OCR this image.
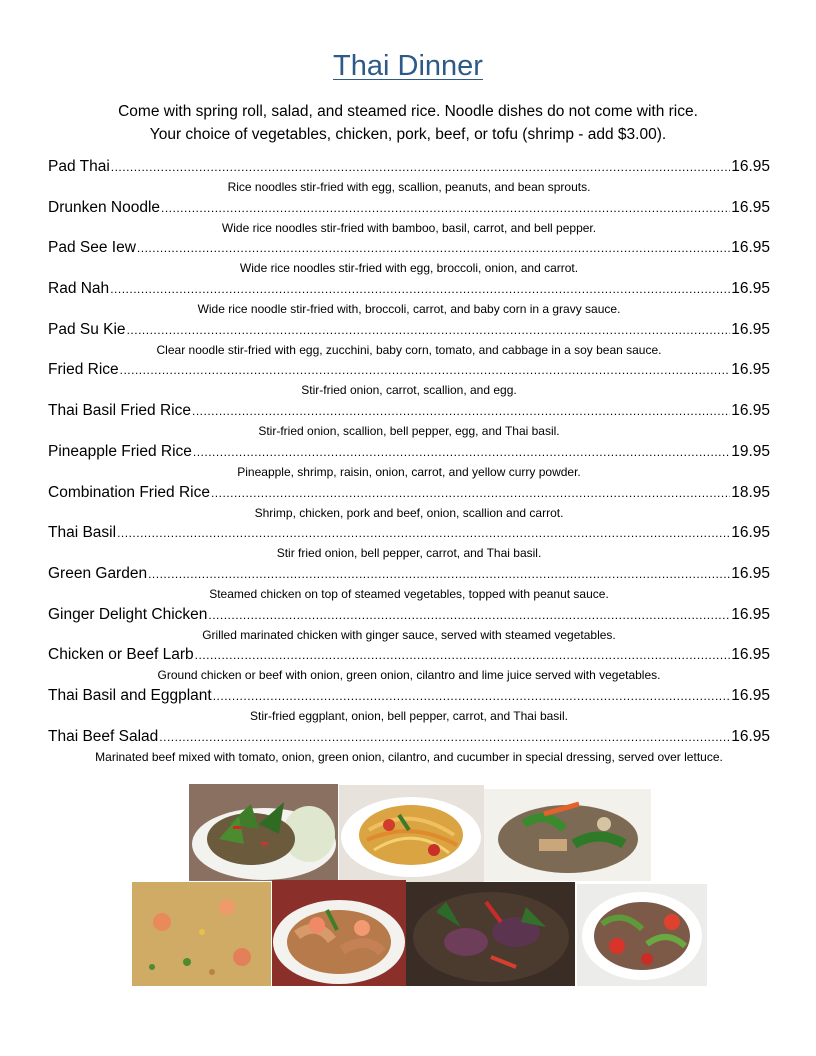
Thai Dinner
Come with spring roll, salad, and steamed rice. Noodle dishes do not come with rice.
Your choice of vegetables, chicken, pork, beef, or tofu (shrimp - add $3.00).
Pad Thai .....	16.95
Rice noodles stir-fried with egg, scallion, peanuts, and bean sprouts.
Drunken Noodle .....	16.95
Wide rice noodles stir-fried with bamboo, basil, carrot, and bell pepper.
Pad See Iew .....	16.95
Wide rice noodles stir-fried with egg, broccoli, onion, and carrot.
Rad Nah .....	16.95
Wide rice noodle stir-fried with, broccoli, carrot, and baby corn in a gravy sauce.
Pad Su Kie .....	16.95
Clear noodle stir-fried with egg, zucchini, baby corn, tomato, and cabbage in a soy bean sauce.
Fried Rice .....	16.95
Stir-fried onion, carrot, scallion, and egg.
Thai Basil Fried Rice .....	16.95
Stir-fried onion, scallion, bell pepper, egg, and Thai basil.
Pineapple Fried Rice .....	19.95
Pineapple, shrimp, raisin, onion, carrot, and yellow curry powder.
Combination Fried Rice .....	18.95
Shrimp, chicken, pork and beef, onion, scallion and carrot.
Thai Basil .....	16.95
Stir fried onion, bell pepper, carrot, and Thai basil.
Green Garden .....	16.95
Steamed chicken on top of steamed vegetables, topped with peanut sauce.
Ginger Delight Chicken .....	16.95
Grilled marinated chicken with ginger sauce, served with steamed vegetables.
Chicken or Beef Larb .....	16.95
Ground chicken or beef with onion, green onion, cilantro and lime juice served with vegetables.
Thai Basil and Eggplant .....	16.95
Stir-fried eggplant, onion, bell pepper, carrot, and Thai basil.
Thai Beef Salad .....	16.95
Marinated beef mixed with tomato, onion, green onion, cilantro, and cucumber in special dressing, served over lettuce.
